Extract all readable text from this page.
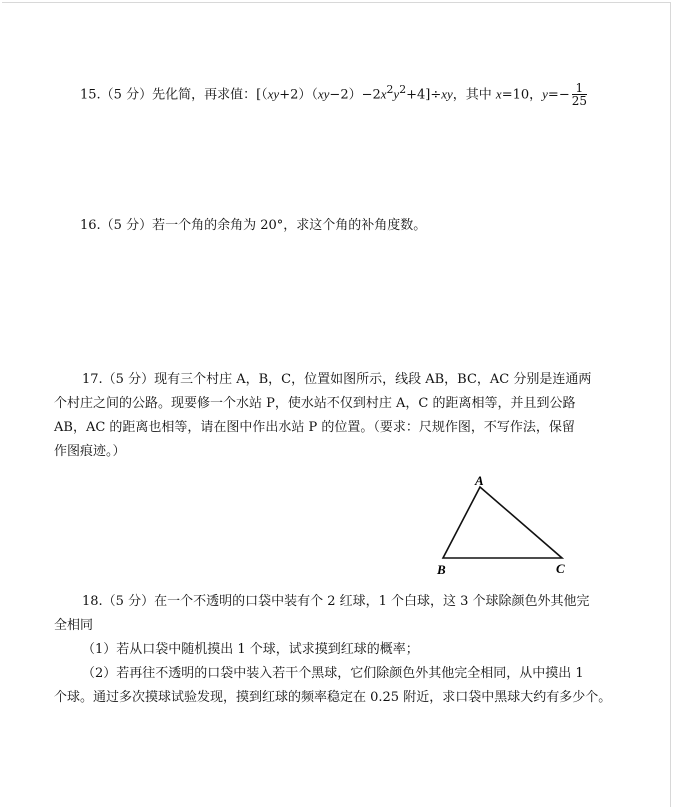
15.（5 分）先化简，再求值：$[(xy+2)(xy-2)-2x^2y^2+4]\div xy$，其中 x=10，$y=- \frac{1}{25}$

16.（5 分）若一个角的余角为 20°，求这个角的补角度数。

17.（5 分）现有三个村庄 A，B，C，位置如图所示，线段 AB，BC，AC 分别是连通两

个村庄之间的公路。现要修一个水站 P，使水站不仅到村庄 A，C 的距离相等，并且到公路

AB，AC 的距离也相等，请在图中作出水站 P 的位置。（要求：尺规作图，不写作法，保留

作图痕迹。）

A
B	C

18.（5 分）在一个不透明的口袋中装有个 2 红球，1 个白球，这 3 个球除颜色外其他完

全相同

（1）若从口袋中随机摸出 1 个球，试求摸到红球的概率；

（2）若再往不透明的口袋中装入若干个黑球，它们除颜色外其他完全相同，从中摸出 1

个球。通过多次摸球试验发现，摸到红球的频率稳定在 0.25 附近，求口袋中黑球大约有多少个。
